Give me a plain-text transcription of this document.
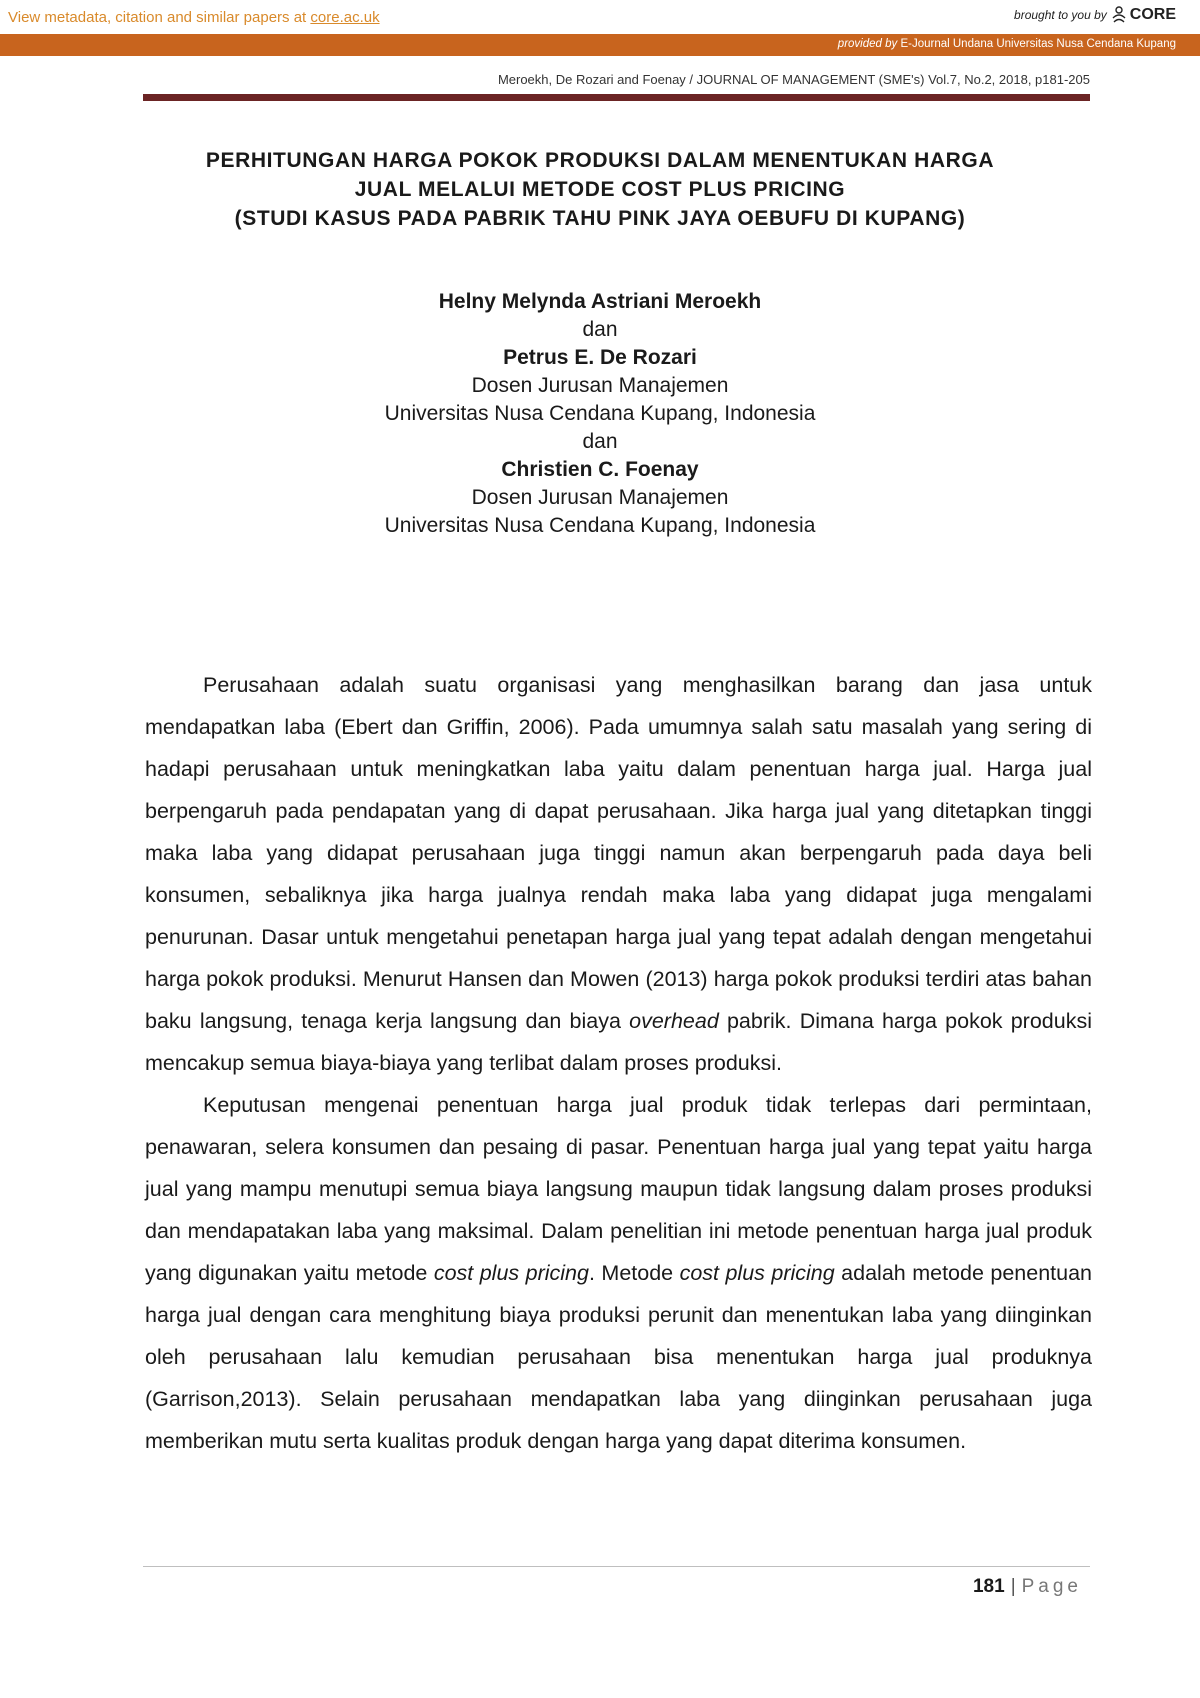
View metadata, citation and similar papers at core.ac.uk	brought to you by CORE
provided by E-Journal Undana Universitas Nusa Cendana Kupang
Meroekh, De Rozari and Foenay / JOURNAL OF MANAGEMENT (SME's) Vol.7, No.2, 2018, p181-205
PERHITUNGAN HARGA POKOK PRODUKSI DALAM MENENTUKAN HARGA
JUAL MELALUI METODE COST PLUS PRICING
(STUDI KASUS PADA PABRIK TAHU PINK JAYA OEBUFU DI KUPANG)
Helny Melynda Astriani Meroekh
dan
Petrus E. De Rozari
Dosen Jurusan Manajemen
Universitas Nusa Cendana Kupang, Indonesia
dan
Christien C. Foenay
Dosen Jurusan Manajemen
Universitas Nusa Cendana Kupang, Indonesia

Perusahaan adalah suatu organisasi yang menghasilkan barang dan jasa untuk mendapatkan laba (Ebert dan Griffin, 2006). Pada umumnya salah satu masalah yang sering di hadapi perusahaan untuk meningkatkan laba yaitu dalam penentuan harga jual. Harga jual berpengaruh pada pendapatan yang di dapat perusahaan. Jika harga jual yang ditetapkan tinggi maka laba yang didapat perusahaan juga tinggi namun akan berpengaruh pada daya beli konsumen, sebaliknya jika harga jualnya rendah maka laba yang didapat juga mengalami penurunan. Dasar untuk mengetahui penetapan harga jual yang tepat adalah dengan mengetahui harga pokok produksi. Menurut Hansen dan Mowen (2013) harga pokok produksi terdiri atas bahan baku langsung, tenaga kerja langsung dan biaya overhead pabrik. Dimana harga pokok produksi mencakup semua biaya-biaya yang terlibat dalam proses produksi.

Keputusan mengenai penentuan harga jual produk tidak terlepas dari permintaan, penawaran, selera konsumen dan pesaing di pasar. Penentuan harga jual yang tepat yaitu harga jual yang mampu menutupi semua biaya langsung maupun tidak langsung dalam proses produksi dan mendapatakan laba yang maksimal. Dalam penelitian ini metode penentuan harga jual produk yang digunakan yaitu metode cost plus pricing. Metode cost plus pricing adalah metode penentuan harga jual dengan cara menghitung biaya produksi perunit dan menentukan laba yang diinginkan oleh perusahaan lalu kemudian perusahaan bisa menentukan harga jual produknya (Garrison,2013). Selain perusahaan mendapatkan laba yang diinginkan perusahaan juga memberikan mutu serta kualitas produk dengan harga yang dapat diterima konsumen.

181 | Page
